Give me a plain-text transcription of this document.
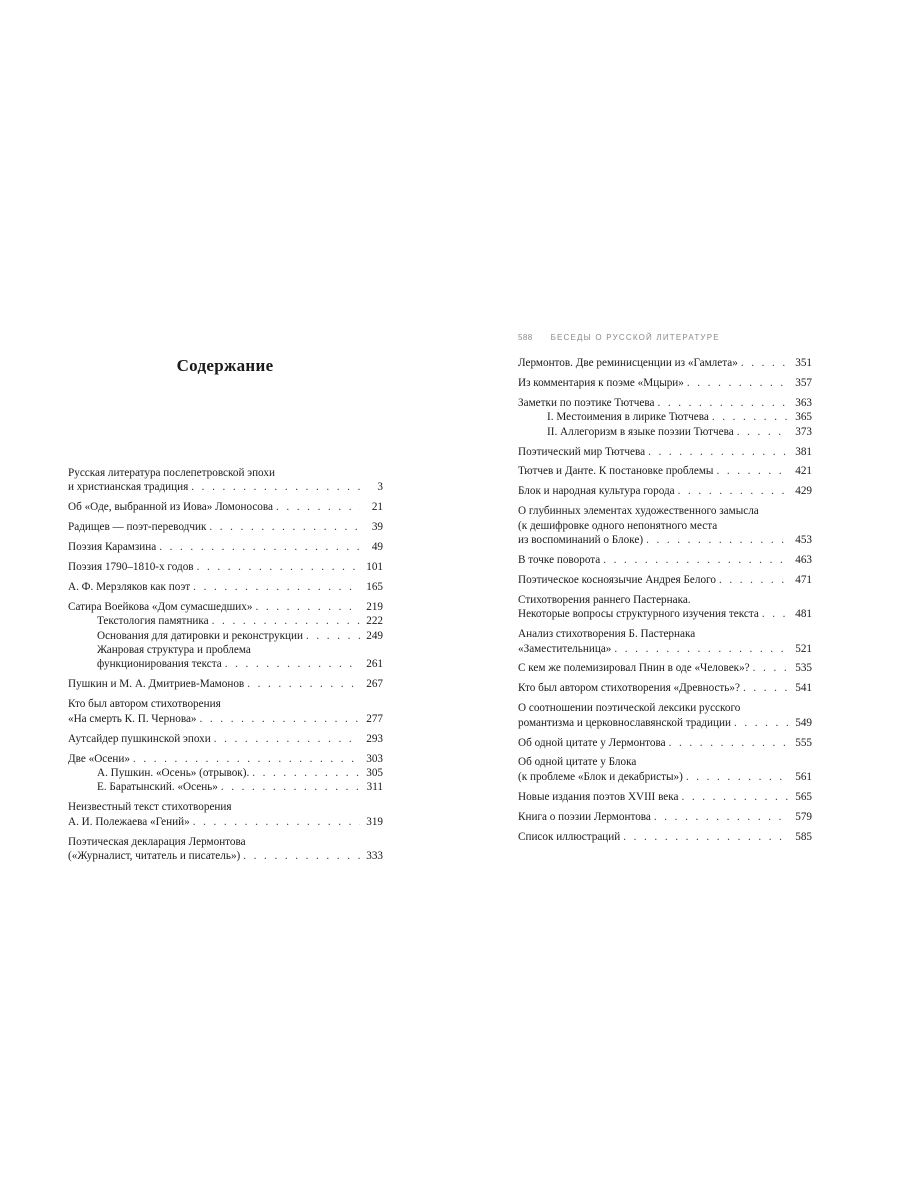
Содержание
Русская литература послепетровской эпохи
и христианская традиция . . .	3
Об «Оде, выбранной из Иова» Ломоносова . . .	21
Радищев — поэт-переводчик . . .	39
Поэзия Карамзина . . .	49
Поэзия 1790–1810-х годов . . .	101
А. Ф. Мерзляков как поэт . . .	165
Сатира Воейкова «Дом сумасшедших» . . .	219
Текстология памятника . . .	222
Основания для датировки и реконструкции . . .	249
Жанровая структура и проблема
функционирования текста . . .	261
Пушкин и М. А. Дмитриев-Мамонов . . .	267
Кто был автором стихотворения
«На смерть К. П. Чернова» . . .	277
Аутсайдер пушкинской эпохи . . .	293
Две «Осени» . . .	303
А. Пушкин. «Осень» (отрывок). . . .	305
Е. Баратынский. «Осень» . . .	311
Неизвестный текст стихотворения
А. И. Полежаева «Гений» . . .	319
Поэтическая декларация Лермонтова
(«Журналист, читатель и писатель») . . .	333
588 БЕСЕДЫ О РУССКОЙ ЛИТЕРАТУРЕ
Лермонтов. Две реминисценции из «Гамлета» . . .	351
Из комментария к поэме «Мцыри» . . .	357
Заметки по поэтике Тютчева . . .	363
I. Местоимения в лирике Тютчева . . .	365
II. Аллегоризм в языке поэзии Тютчева . . .	373
Поэтический мир Тютчева . . .	381
Тютчев и Данте. К постановке проблемы . . .	421
Блок и народная культура города . . .	429
О глубинных элементах художественного замысла
(к дешифровке одного непонятного места
из воспоминаний о Блоке) . . .	453
В точке поворота . . .	463
Поэтическое косноязычие Андрея Белого . . .	471
Стихотворения раннего Пастернака.
Некоторые вопросы структурного изучения текста . . .	481
Анализ стихотворения Б. Пастернака
«Заместительница» . . .	521
С кем же полемизировал Пнин в оде «Человек»? . . .	535
Кто был автором стихотворения «Древность»? . . .	541
О соотношении поэтической лексики русского
романтизма и церковнославянской традиции . . .	549
Об одной цитате у Лермонтова . . .	555
Об одной цитате у Блока
(к проблеме «Блок и декабристы») . . .	561
Новые издания поэтов XVIII века . . .	565
Книга о поэзии Лермонтова . . .	579
Список иллюстраций . . .	585
